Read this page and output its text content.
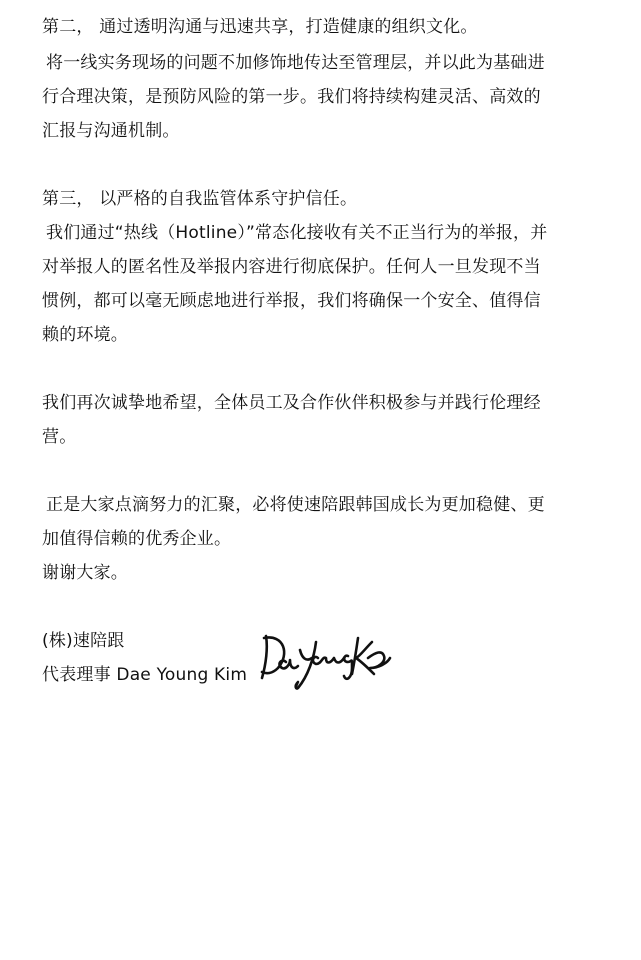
第二， 通过透明沟通与迅速共享，打造健康的组织文化。
将一线实务现场的问题不加修饰地传达至管理层，并以此为基础进
行合理决策，是预防风险的第一步。我们将持续构建灵活、高效的
汇报与沟通机制。
第三， 以严格的自我监管体系守护信任。
我们通过“热线（Hotline）”常态化接收有关不正当行为的举报，并
对举报人的匿名性及举报内容进行彻底保护。任何人一旦发现不当
惯例，都可以毫无顾虑地进行举报，我们将确保一个安全、值得信
赖的环境。
我们再次诚挚地希望，全体员工及合作伙伴积极参与并践行伦理经
营。
正是大家点滴努力的汇聚，必将使速陪跟韩国成长为更加稳健、更
加值得信赖的优秀企业。
谢谢大家。
(株)速陪跟
代表理事 Dae Young Kim
